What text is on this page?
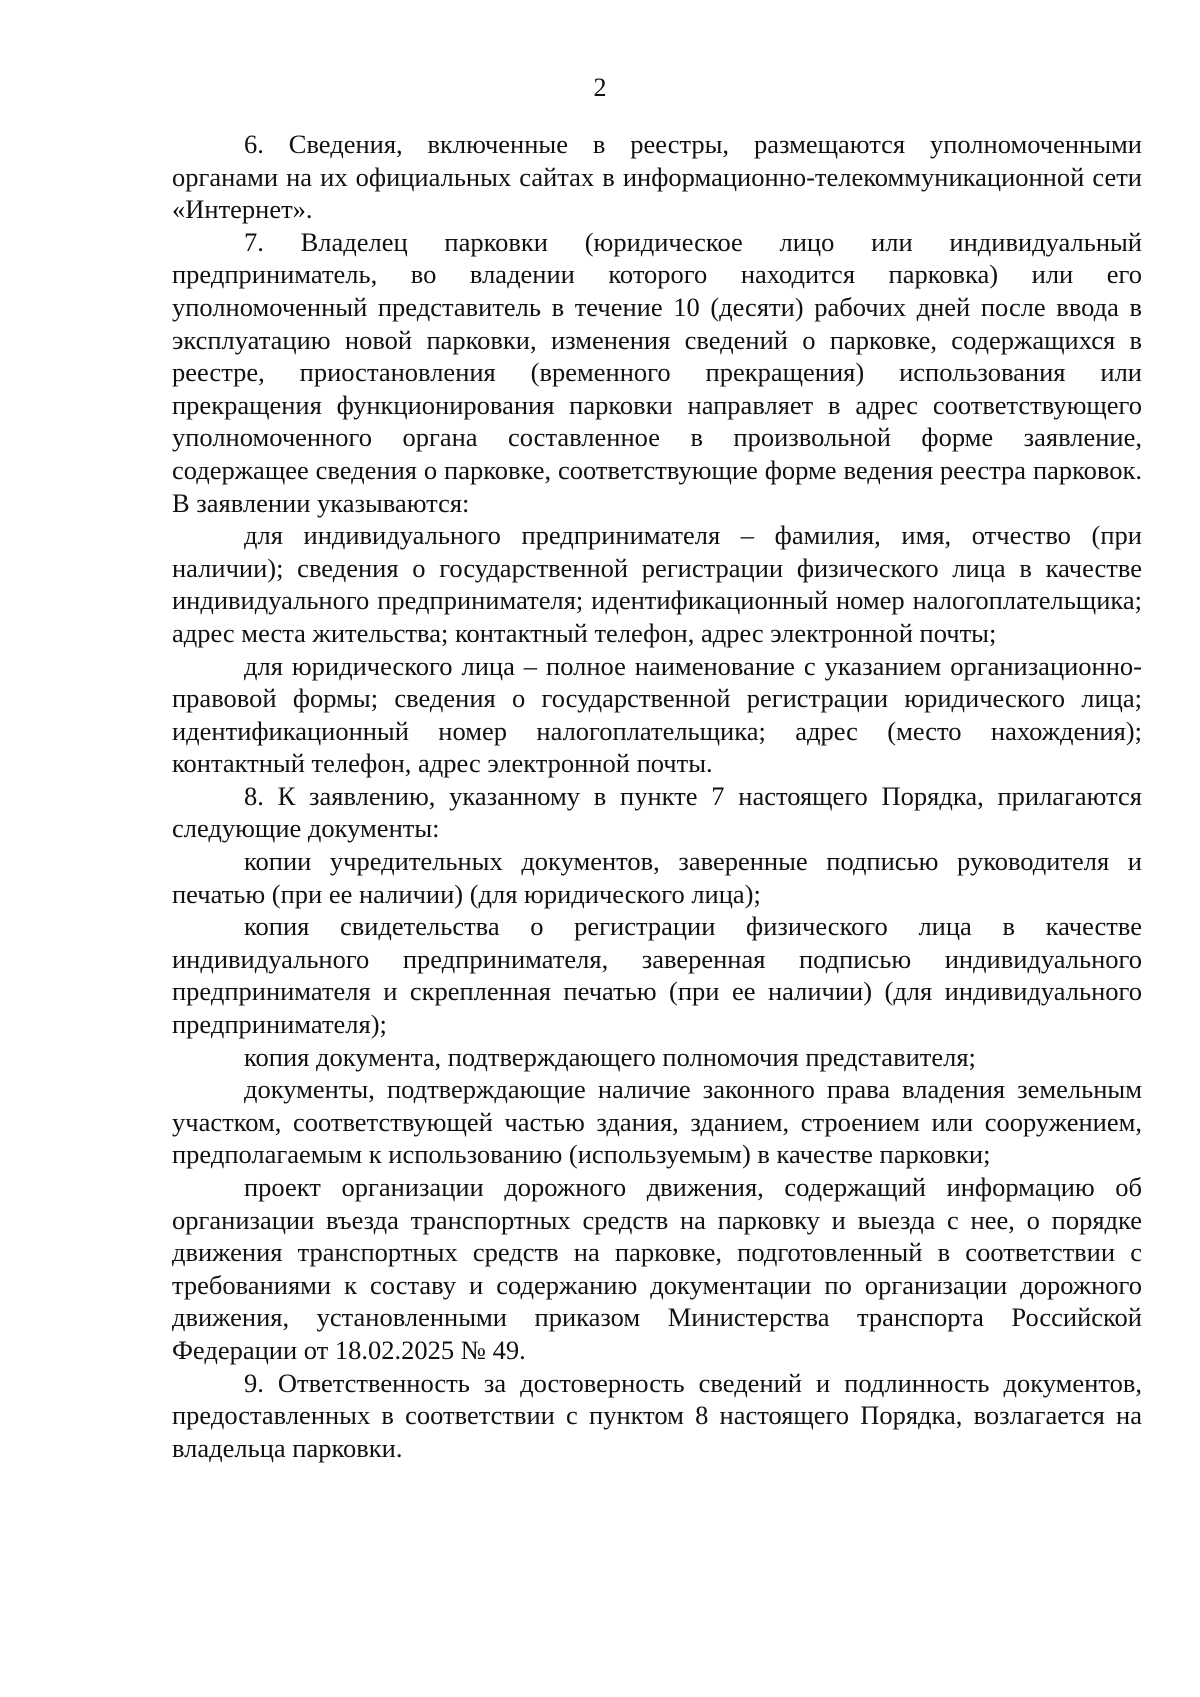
2

6. Сведения, включенные в реестры, размещаются уполномоченными органами на их официальных сайтах в информационно-телекоммуникационной сети «Интернет».

7. Владелец парковки (юридическое лицо или индивидуальный предприниматель, во владении которого находится парковка) или его уполномоченный представитель в течение 10 (десяти) рабочих дней после ввода в эксплуатацию новой парковки, изменения сведений о парковке, содержащихся в реестре, приостановления (временного прекращения) использования или прекращения функционирования парковки направляет в адрес соответствующего уполномоченного органа составленное в произвольной форме заявление, содержащее сведения о парковке, соответствующие форме ведения реестра парковок. В заявлении указываются:

для индивидуального предпринимателя – фамилия, имя, отчество (при наличии); сведения о государственной регистрации физического лица в качестве индивидуального предпринимателя; идентификационный номер налогоплательщика; адрес места жительства; контактный телефон, адрес электронной почты;

для юридического лица – полное наименование с указанием организационно-правовой формы; сведения о государственной регистрации юридического лица; идентификационный номер налогоплательщика; адрес (место нахождения); контактный телефон, адрес электронной почты.

8. К заявлению, указанному в пункте 7 настоящего Порядка, прилагаются следующие документы:

копии учредительных документов, заверенные подписью руководителя и печатью (при ее наличии) (для юридического лица);

копия свидетельства о регистрации физического лица в качестве индивидуального предпринимателя, заверенная подписью индивидуального предпринимателя и скрепленная печатью (при ее наличии) (для индивидуального предпринимателя);

копия документа, подтверждающего полномочия представителя;

документы, подтверждающие наличие законного права владения земельным участком, соответствующей частью здания, зданием, строением или сооружением, предполагаемым к использованию (используемым) в качестве парковки;

проект организации дорожного движения, содержащий информацию об организации въезда транспортных средств на парковку и выезда с нее, о порядке движения транспортных средств на парковке, подготовленный в соответствии с требованиями к составу и содержанию документации по организации дорожного движения, установленными приказом Министерства транспорта Российской Федерации от 18.02.2025 № 49.

9. Ответственность за достоверность сведений и подлинность документов, предоставленных в соответствии с пунктом 8 настоящего Порядка, возлагается на владельца парковки.
